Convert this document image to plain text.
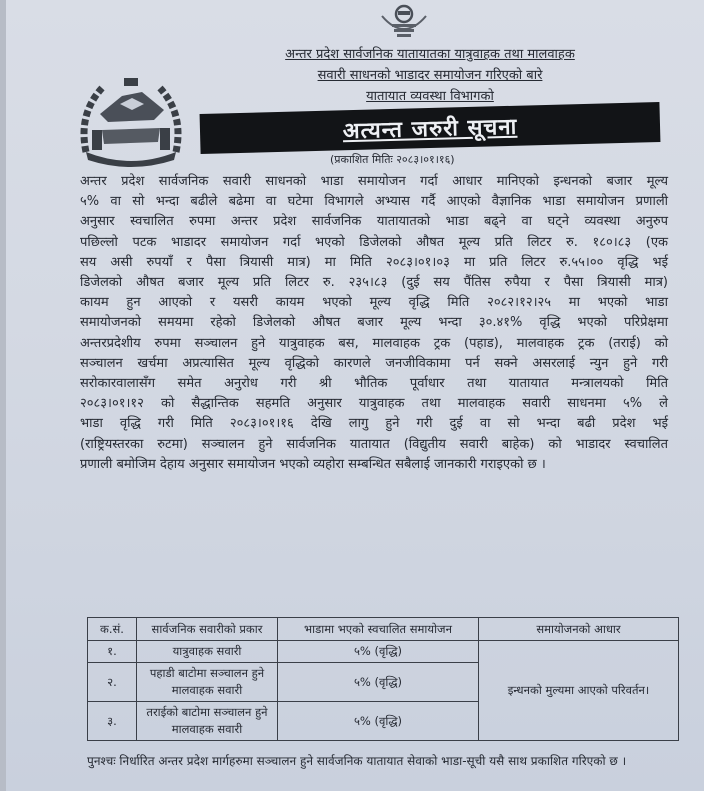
अन्तर प्रदेश सार्वजनिक यातायातका यात्रुवाहक तथा मालवाहक
सवारी साधनको भाडादर समायोजन गरिएको बारे
यातायात व्यवस्था विभागको
अत्यन्त जरुरी सूचना
(प्रकाशित मितिः २०८३।०१।१६)
अन्तर प्रदेश सार्वजनिक सवारी साधनको भाडा समायोजन गर्दा आधार मानिएको इन्धनको बजार मूल्य
५% वा सो भन्दा बढीले बढेमा वा घटेमा विभागले अभ्यास गर्दै आएको वैज्ञानिक भाडा समायोजन प्रणाली
अनुसार स्वचालित रुपमा अन्तर प्रदेश सार्वजनिक यातायातको भाडा बढ्ने वा घट्ने व्यवस्था अनुरुप
पछिल्लो पटक भाडादर समायोजन गर्दा भएको डिजेलको औषत मूल्य प्रति लिटर रु. १८०।८३ (एक
सय असी रुपयाँ र पैसा त्रियासी मात्र) मा मिति २०८३।०१।०३ मा प्रति लिटर रु.५५।०० वृद्धि भई
डिजेलको औषत बजार मूल्य प्रति लिटर रु. २३५।८३ (दुई सय पैंतिस रुपैया र पैसा त्रियासी मात्र)
कायम हुन आएको र यसरी कायम भएको मूल्य वृद्धि मिति २०८२।१२।२५ मा भएको भाडा
समायोजनको समयमा रहेको डिजेलको औषत बजार मूल्य भन्दा ३०.४१% वृद्धि भएको परिप्रेक्षमा
अन्तरप्रदेशीय रुपमा सञ्चालन हुने यात्रुवाहक बस, मालवाहक ट्रक (पहाड), मालवाहक ट्रक (तराई) को
सञ्चालन खर्चमा अप्रत्यासित मूल्य वृद्धिको कारणले जनजीविकामा पर्न सक्ने असरलाई न्युन हुने गरी
सरोकारवालासँग समेत अनुरोध गरी श्री भौतिक पूर्वाधार तथा यातायात मन्त्रालयको मिति
२०८३।०१।१२ को सैद्धान्तिक सहमति अनुसार यात्रुवाहक तथा मालवाहक सवारी साधनमा ५% ले
भाडा वृद्धि गरी मिति २०८३।०१।१६ देखि लागु हुने गरी दुई वा सो भन्दा बढी प्रदेश भई
(राष्ट्रियस्तरका रुटमा) सञ्चालन हुने सार्वजनिक यातायात (विद्युतीय सवारी बाहेक) को भाडादर स्वचालित
प्रणाली बमोजिम देहाय अनुसार समायोजन भएको व्यहोरा सम्बन्धित सबैलाई जानकारी गराइएको छ ।
क.सं.	सार्वजनिक सवारीको प्रकार	भाडामा भएको स्वचालित समायोजन	समायोजनको आधार
१.	यात्रुवाहक सवारी	५% (वृद्धि)	इन्धनको मुल्यमा आएको परिवर्तन।
२.	पहाडी बाटोमा सञ्चालन हुने मालवाहक सवारी	५% (वृद्धि)	
३.	तराईको बाटोमा सञ्चालन हुने मालवाहक सवारी	५% (वृद्धि)	
पुनश्चः निर्धारित अन्तर प्रदेश मार्गहरुमा सञ्चालन हुने सार्वजनिक यातायात सेवाको भाडा-सूची यसै साथ प्रकाशित गरिएको छ ।
